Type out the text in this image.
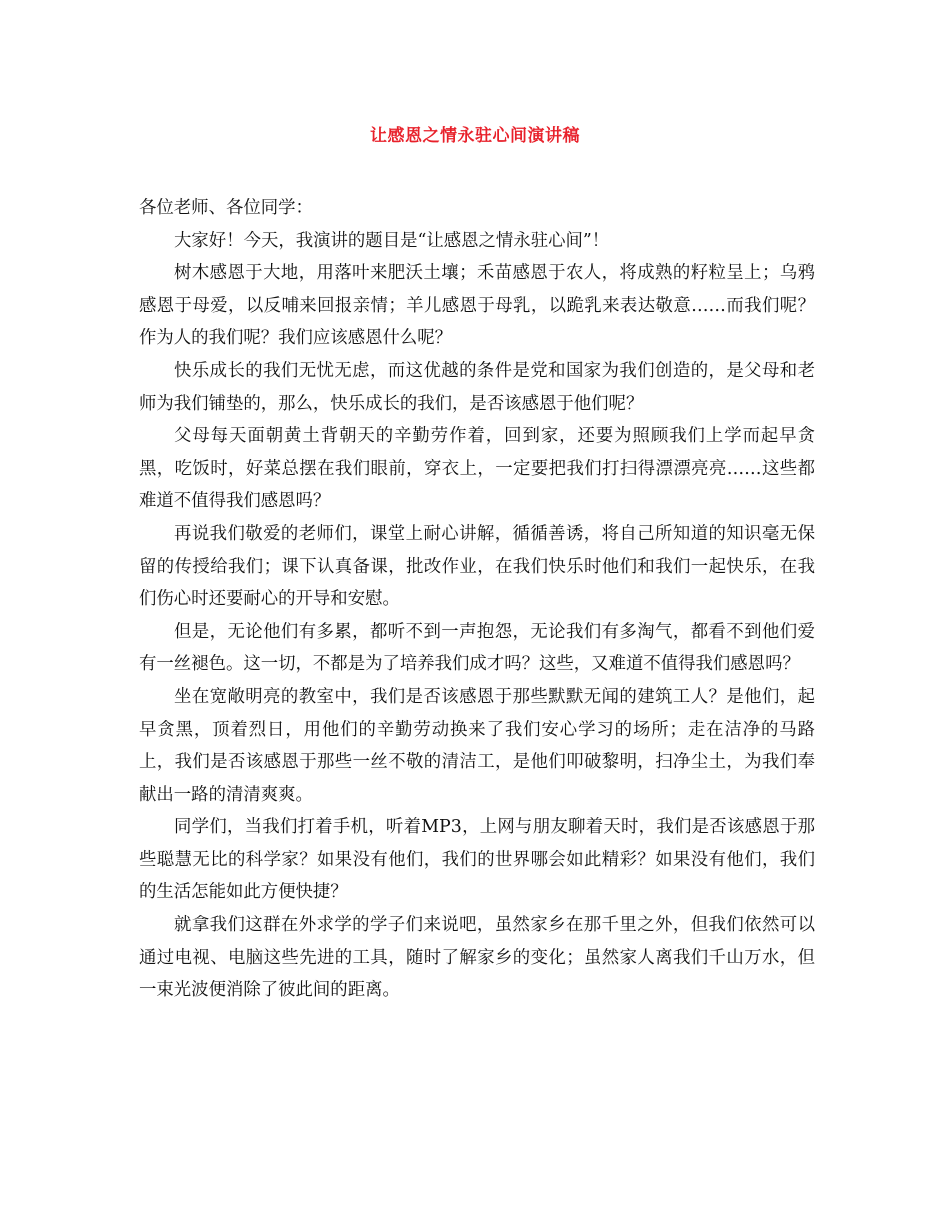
让感恩之情永驻心间演讲稿

各位老师、各位同学：

大家好！今天，我演讲的题目是“让感恩之情永驻心间”！

树木感恩于大地，用落叶来肥沃土壤；禾苗感恩于农人，将成熟的籽粒呈上；乌鸦感恩于母爱，以反哺来回报亲情；羊儿感恩于母乳，以跪乳来表达敬意……而我们呢？作为人的我们呢？我们应该感恩什么呢？

快乐成长的我们无忧无虑，而这优越的条件是党和国家为我们创造的，是父母和老师为我们铺垫的，那么，快乐成长的我们，是否该感恩于他们呢？

父母每天面朝黄土背朝天的辛勤劳作着，回到家，还要为照顾我们上学而起早贪黑，吃饭时，好菜总摆在我们眼前，穿衣上，一定要把我们打扫得漂漂亮亮……这些都难道不值得我们感恩吗？

再说我们敬爱的老师们，课堂上耐心讲解，循循善诱，将自己所知道的知识毫无保留的传授给我们；课下认真备课，批改作业，在我们快乐时他们和我们一起快乐，在我们伤心时还要耐心的开导和安慰。

但是，无论他们有多累，都听不到一声抱怨，无论我们有多淘气，都看不到他们爱有一丝褪色。这一切，不都是为了培养我们成才吗？这些，又难道不值得我们感恩吗？

坐在宽敞明亮的教室中，我们是否该感恩于那些默默无闻的建筑工人？是他们，起早贪黑，顶着烈日，用他们的辛勤劳动换来了我们安心学习的场所；走在洁净的马路上，我们是否该感恩于那些一丝不敬的清洁工，是他们叩破黎明，扫净尘土，为我们奉献出一路的清清爽爽。

同学们，当我们打着手机，听着MP3，上网与朋友聊着天时，我们是否该感恩于那些聪慧无比的科学家？如果没有他们，我们的世界哪会如此精彩？如果没有他们，我们的生活怎能如此方便快捷？

就拿我们这群在外求学的学子们来说吧，虽然家乡在那千里之外，但我们依然可以通过电视、电脑这些先进的工具，随时了解家乡的变化；虽然家人离我们千山万水，但一束光波便消除了彼此间的距离。
